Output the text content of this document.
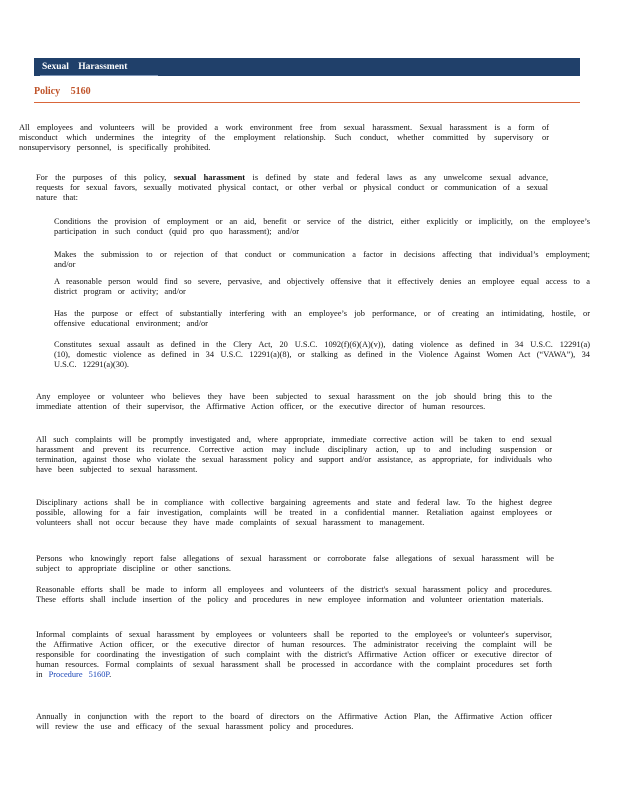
Sexual Harassment
Policy 5160

All employees and volunteers will be provided a work environment free from sexual harassment. Sexual harassment is a form of misconduct which undermines the integrity of the employment relationship. Such conduct, whether committed by supervisory or nonsupervisory personnel, is specifically prohibited.

For the purposes of this policy, sexual harassment is defined by state and federal laws as any unwelcome sexual advance, requests for sexual favors, sexually motivated physical contact, or other verbal or physical conduct or communication of a sexual nature that:

Conditions the provision of employment or an aid, benefit or service of the district, either explicitly or implicitly, on the employee’s participation in such conduct (quid pro quo harassment); and/or
Makes the submission to or rejection of that conduct or communication a factor in decisions affecting that individual’s employment; and/or
A reasonable person would find so severe, pervasive, and objectively offensive that it effectively denies an employee equal access to a district program or activity; and/or
Has the purpose or effect of substantially interfering with an employee’s job performance, or of creating an intimidating, hostile, or offensive educational environment; and/or
Constitutes sexual assault as defined in the Clery Act, 20 U.S.C. 1092(f)(6)(A)(v)), dating violence as defined in 34 U.S.C. 12291(a)(10), domestic violence as defined in 34 U.S.C. 12291(a)(8), or stalking as defined in the Violence Against Women Act (“VAWA”), 34 U.S.C. 12291(a)(30).

Any employee or volunteer who believes they have been subjected to sexual harassment on the job should bring this to the immediate attention of their supervisor, the Affirmative Action officer, or the executive director of human resources.

All such complaints will be promptly investigated and, where appropriate, immediate corrective action will be taken to end sexual harassment and prevent its recurrence. Corrective action may include disciplinary action, up to and including suspension or termination, against those who violate the sexual harassment policy and support and/or assistance, as appropriate, for individuals who have been subjected to sexual harassment.

Disciplinary actions shall be in compliance with collective bargaining agreements and state and federal law. To the highest degree possible, allowing for a fair investigation, complaints will be treated in a confidential manner. Retaliation against employees or volunteers shall not occur because they have made complaints of sexual harassment to management.

Persons who knowingly report false allegations of sexual harassment or corroborate false allegations of sexual harassment will be subject to appropriate discipline or other sanctions.

Reasonable efforts shall be made to inform all employees and volunteers of the district's sexual harassment policy and procedures. These efforts shall include insertion of the policy and procedures in new employee information and volunteer orientation materials.

Informal complaints of sexual harassment by employees or volunteers shall be reported to the employee's or volunteer's supervisor, the Affirmative Action officer, or the executive director of human resources. The administrator receiving the complaint will be responsible for coordinating the investigation of such complaint with the district's Affirmative Action officer or executive director of human resources. Formal complaints of sexual harassment shall be processed in accordance with the complaint procedures set forth in Procedure 5160P.

Annually in conjunction with the report to the board of directors on the Affirmative Action Plan, the Affirmative Action officer will review the use and efficacy of the sexual harassment policy and procedures.
